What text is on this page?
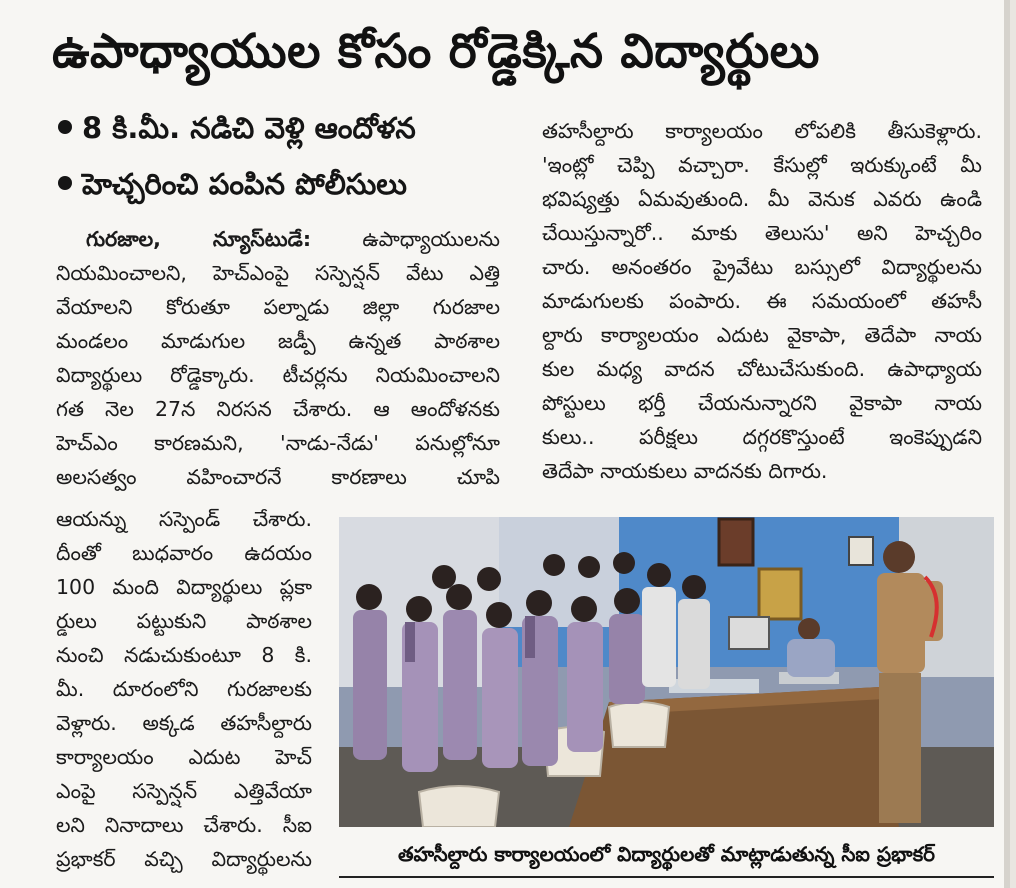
ఉపాధ్యాయుల కోసం రోడ్డెక్కిన విద్యార్థులు
8 కి.మీ. నడిచి వెళ్లి ఆందోళన
హెచ్చరించి పంపిన పోలీసులు

గురజాల, న్యూస్‌టుడే: ఉపాధ్యాయులను

నియమించాలని, హెచ్ఎంపై సస్పెన్షన్ వేటు ఎత్తి

వేయాలని కోరుతూ పల్నాడు జిల్లా గురజాల

మండలం మాడుగుల జడ్పీ ఉన్నత పాఠశాల

విద్యార్థులు రోడ్డెక్కారు. టీచర్లను నియమించాలని

గత నెల 27న నిరసన చేశారు. ఆ ఆందోళనకు

హెచ్ఎం కారణమని, 'నాడు-నేడు' పనుల్లోనూ

అలసత్వం వహించారనే కారణాలు చూపి

ఆయన్ను సస్పెండ్ చేశారు.

దీంతో బుధవారం ఉదయం

100 మంది విద్యార్థులు ప్లకా

ర్డులు పట్టుకుని పాఠశాల

నుంచి నడుచుకుంటూ 8 కి.

మీ. దూరంలోని గురజాలకు

వెళ్లారు. అక్కడ తహసీల్దారు

కార్యాలయం ఎదుట హెచ్

ఎంపై సస్పెన్షన్ ఎత్తివేయా

లని నినాదాలు చేశారు. సీఐ

ప్రభాకర్ వచ్చి విద్యార్థులను

తహసీల్దారు కార్యాలయం లోపలికి తీసుకెళ్లారు.

'ఇంట్లో చెప్పి వచ్చారా. కేసుల్లో ఇరుక్కుంటే మీ

భవిష్యత్తు ఏమవుతుంది. మీ వెనుక ఎవరు ఉండి

చేయిస్తున్నారో.. మాకు తెలుసు' అని హెచ్చరిం

చారు. అనంతరం ప్రైవేటు బస్సులో విద్యార్థులను

మాడుగులకు పంపారు. ఈ సమయంలో తహసీ

ల్దారు కార్యాలయం ఎదుట వైకాపా, తెదేపా నాయ

కుల మధ్య వాదన చోటుచేసుకుంది. ఉపాధ్యాయ

పోస్టులు భర్తీ చేయనున్నారని వైకాపా నాయ

కులు.. పరీక్షలు దగ్గరకొస్తుంటే ఇంకెప్పుడని

తెదేపా నాయకులు వాదనకు దిగారు.

తహసీల్దారు కార్యాలయంలో విద్యార్థులతో మాట్లాడుతున్న సీఐ ప్రభాకర్
